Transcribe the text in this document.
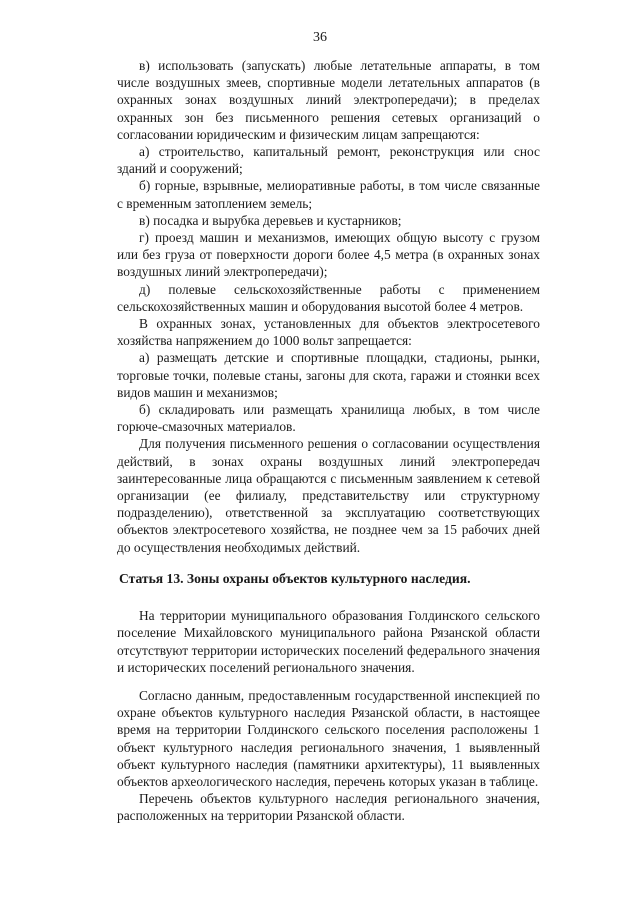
36

в) использовать (запускать) любые летательные аппараты, в том числе воздушных змеев, спортивные модели летательных аппаратов (в охранных зонах воздушных линий электропередачи); в пределах охранных зон без письменного решения сетевых организаций о согласовании юридическим и физическим лицам запрещаются:

а) строительство, капитальный ремонт, реконструкция или снос зданий и сооружений;

б) горные, взрывные, мелиоративные работы, в том числе связанные с временным затоплением земель;

в) посадка и вырубка деревьев и кустарников;

г) проезд машин и механизмов, имеющих общую высоту с грузом или без груза от поверхности дороги более 4,5 метра (в охранных зонах воздушных линий электропередачи);

д) полевые сельскохозяйственные работы с применением сельскохозяйственных машин и оборудования высотой более 4 метров.

В охранных зонах, установленных для объектов электросетевого хозяйства напряжением до 1000 вольт запрещается:

а) размещать детские и спортивные площадки, стадионы, рынки, торговые точки, полевые станы, загоны для скота, гаражи и стоянки всех видов машин и механизмов;

б) складировать или размещать хранилища любых, в том числе горюче-смазочных материалов.

Для получения письменного решения о согласовании осуществления действий, в зонах охраны воздушных линий электропередач заинтересованные лица обращаются с письменным заявлением к сетевой организации (ее филиалу, представительству или структурному подразделению), ответственной за эксплуатацию соответствующих объектов электросетевого хозяйства, не позднее чем за 15 рабочих дней до осуществления необходимых действий.

Статья 13. Зоны охраны объектов культурного наследия.

На территории муниципального образования Голдинского сельского поселение Михайловского муниципального района Рязанской области отсутствуют территории исторических поселений федерального значения и исторических поселений регионального значения.

Согласно данным, предоставленным государственной инспекцией по охране объектов культурного наследия Рязанской области, в настоящее время на территории Голдинского сельского поселения расположены 1 объект культурного наследия регионального значения, 1 выявленный объект культурного наследия (памятники архитектуры), 11 выявленных объектов археологического наследия, перечень которых указан в таблице.

Перечень объектов культурного наследия регионального значения, расположенных на территории Рязанской области.
